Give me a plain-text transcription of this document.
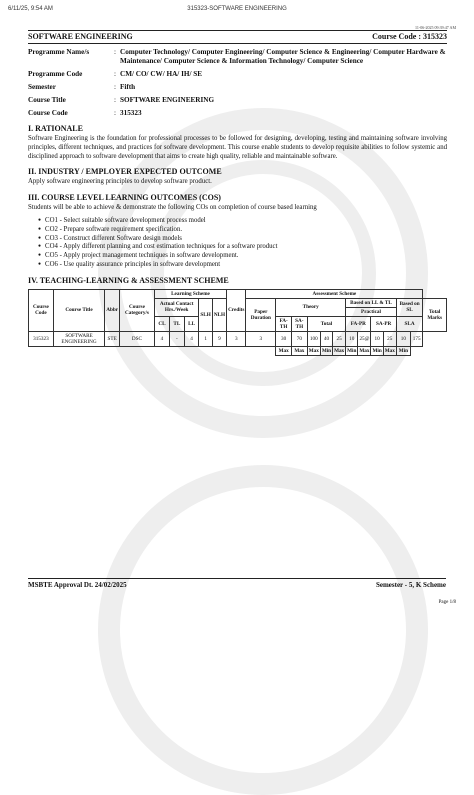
6/11/25, 9:54 AM	315323-SOFTWARE ENGINEERING
11-06-2025 09:39:47 AM
SOFTWARE ENGINEERING	Course Code : 315323
Programme Name/s	: Computer Technology/ Computer Engineering/ Computer Science & Engineering/ Computer Hardware & Maintenance/ Computer Science & Information Technology/ Computer Science
Programme Code	: CM/ CO/ CW/ HA/ IH/ SE
Semester	: Fifth
Course Title	: SOFTWARE ENGINEERING
Course Code	: 315323
I. RATIONALE
Software Engineering is the foundation for professional processes to be followed for designing, developing, testing and maintaining software involving principles, different techniques, and practices for software development. This course enable students to develop requisite abilities to follow systemic and disciplined approach to software development that aims to create high quality, reliable and maintainable software.
II. INDUSTRY / EMPLOYER EXPECTED OUTCOME
Apply software engineering principles to develop software product.
III. COURSE LEVEL LEARNING OUTCOMES (COS)
Students will be able to achieve & demonstrate the following COs on completion of course based learning
● CO1 - Select suitable software development process model
● CO2 - Prepare software requirement specification.
● CO3 - Construct different Software design models
● CO4 - Apply different planning and cost estimation techniques for a software product
● CO5 - Apply project management techniques in software development.
● CO6 - Use quality assurance principles in software development
IV. TEACHING-LEARNING & ASSESSMENT SCHEME
Course Code	Course Title	Abbr	Course Category/s	Learning Scheme					Credits	Assessment Scheme												
				Actual Contact Hrs./Week			SLH	NLH		Paper Duration	Theory					Based on LL & TL				Based on SL		Total Marks
																Practical						
				CL	TL	LL					FA-TH	SA-TH	Total			FA-PR		SA-PR		SLA		
315323	SOFTWARE ENGINEERING	STE	DSC	4	-	4	1	9	3	3	30	70	100	40	25	10	25@	10	25	10	175	
											Max	Max	Max	Min	Max	Min	Max	Min	Max	Min		
MSBTE Approval Dt. 24/02/2025	Semester - 5, K Scheme
Page 1/8
